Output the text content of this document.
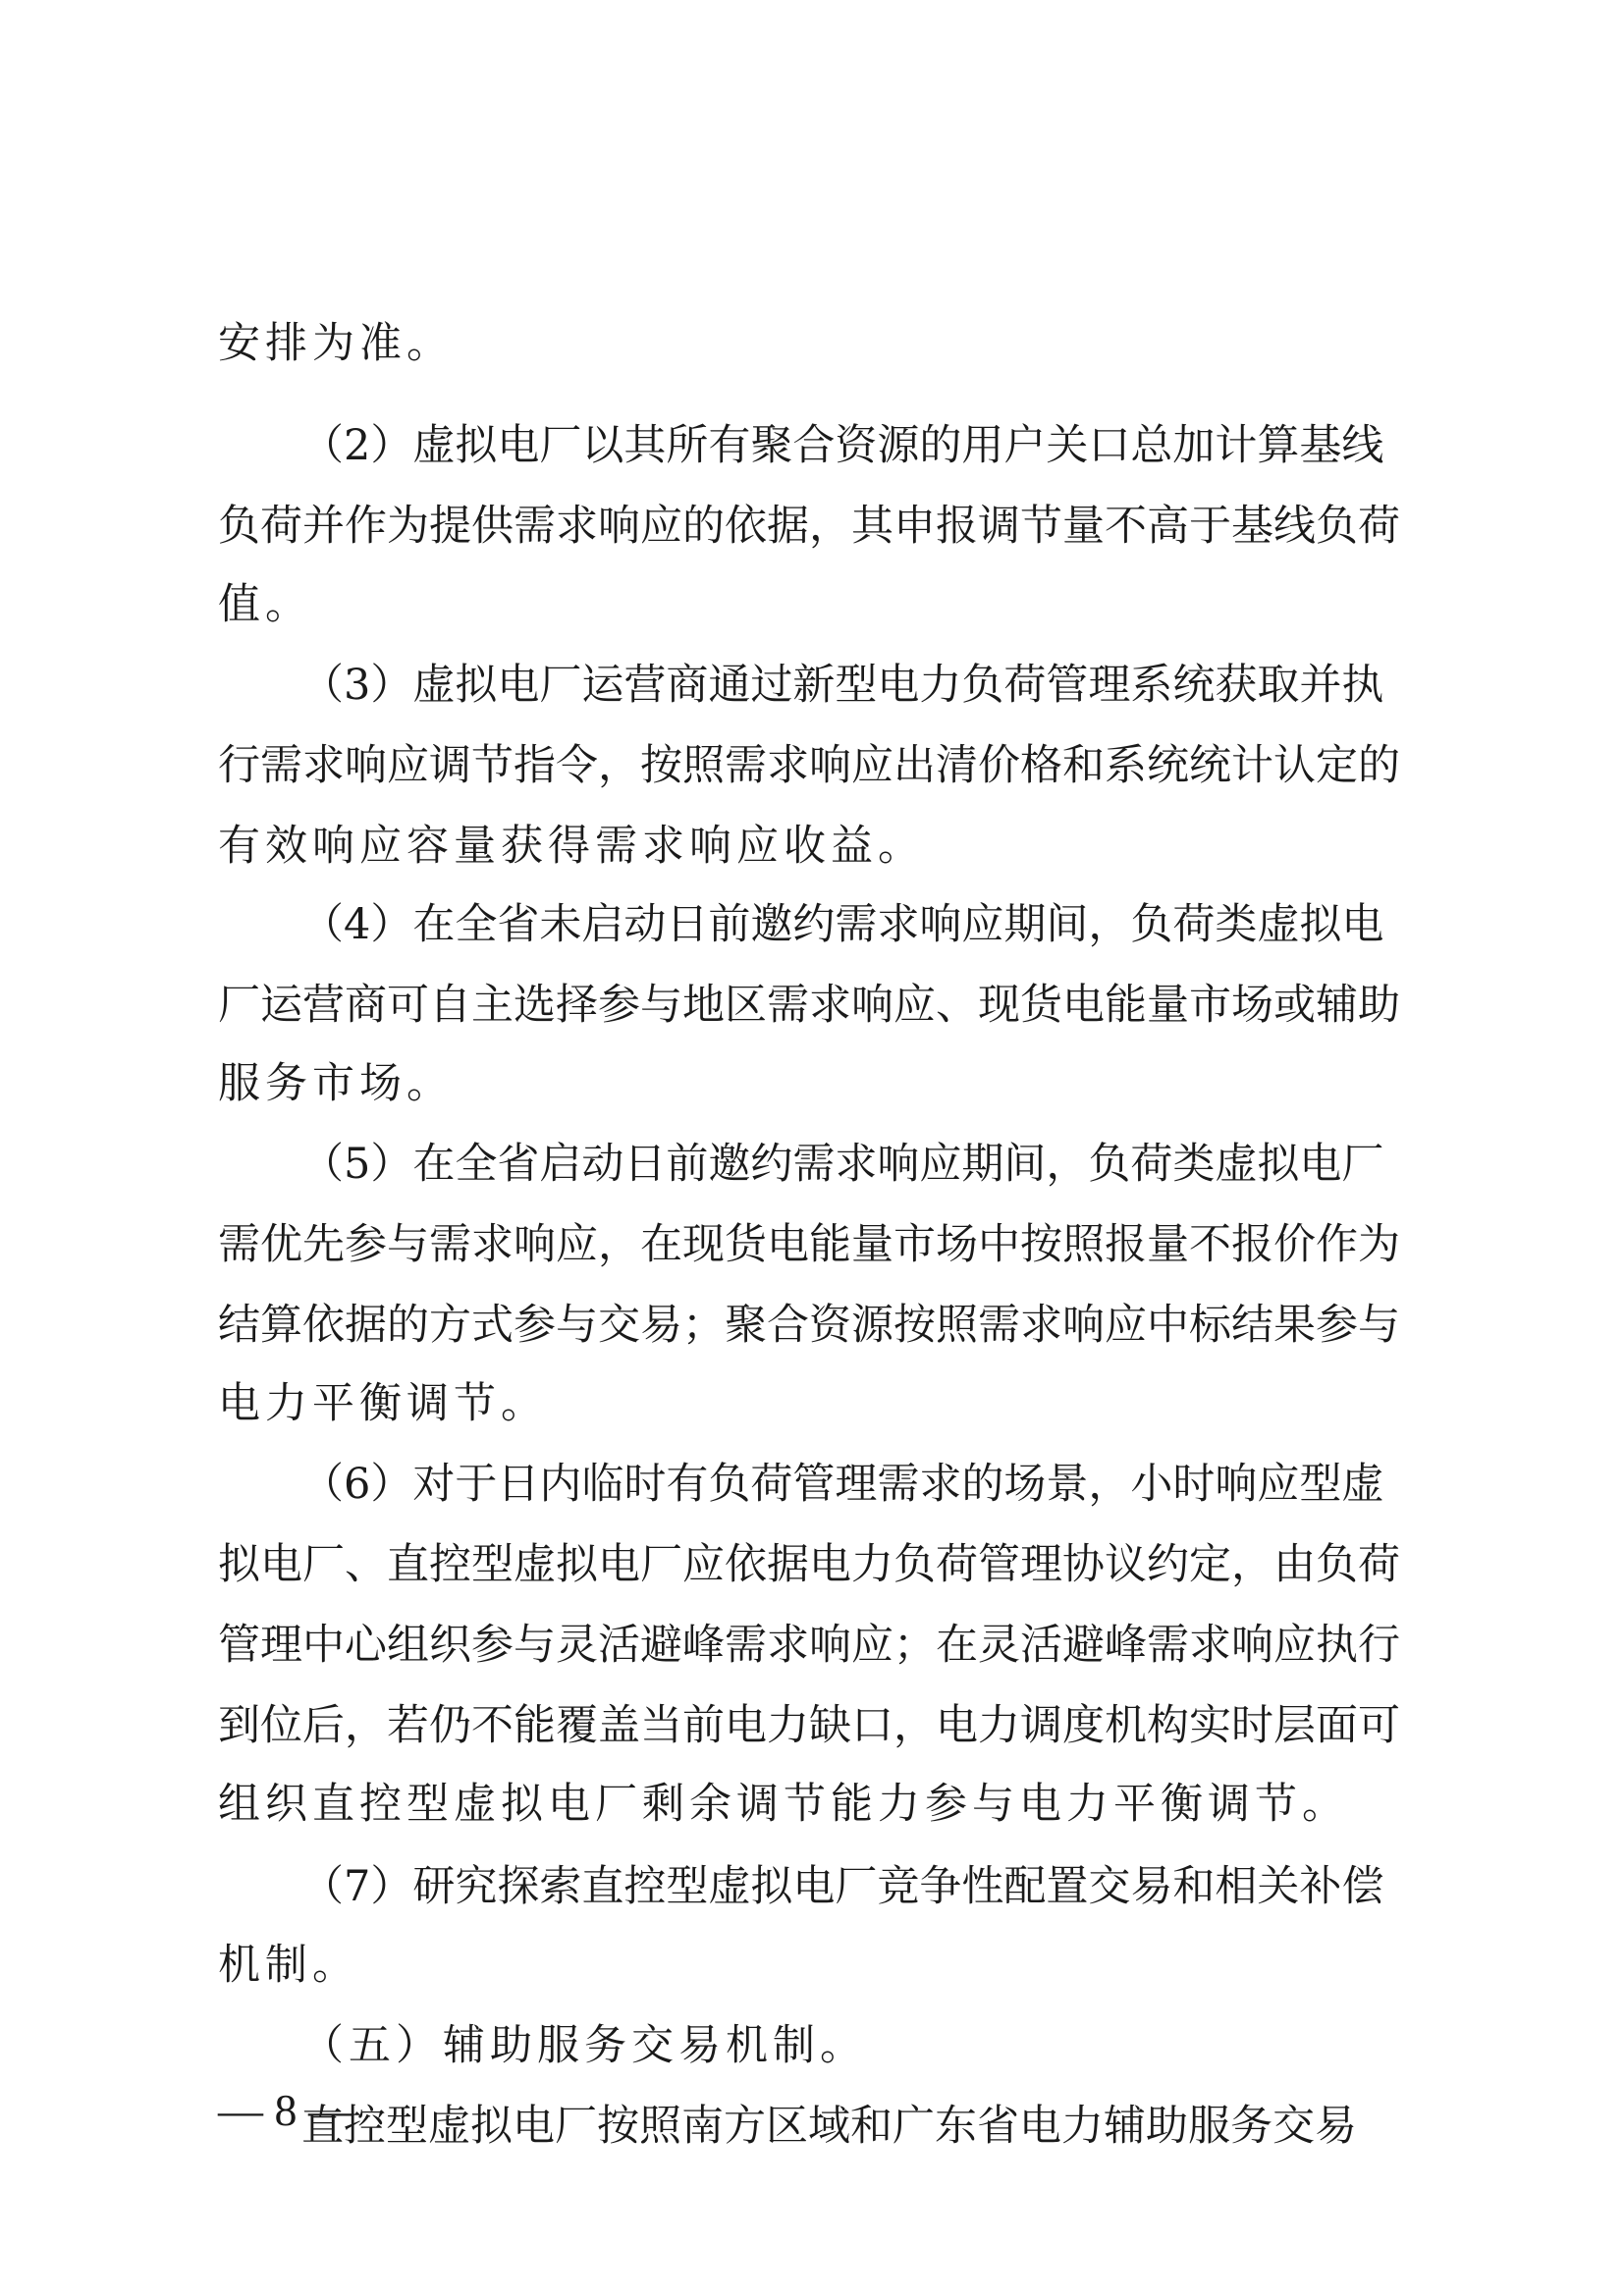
安排为准。
（2）虚拟电厂以其所有聚合资源的用户关口总加计算基线
负荷并作为提供需求响应的依据，其申报调节量不高于基线负荷
值。
（3）虚拟电厂运营商通过新型电力负荷管理系统获取并执
行需求响应调节指令，按照需求响应出清价格和系统统计认定的
有效响应容量获得需求响应收益。
（4）在全省未启动日前邀约需求响应期间，负荷类虚拟电
厂运营商可自主选择参与地区需求响应、现货电能量市场或辅助
服务市场。
（5）在全省启动日前邀约需求响应期间，负荷类虚拟电厂
需优先参与需求响应，在现货电能量市场中按照报量不报价作为
结算依据的方式参与交易；聚合资源按照需求响应中标结果参与
电力平衡调节。
（6）对于日内临时有负荷管理需求的场景，小时响应型虚
拟电厂、直控型虚拟电厂应依据电力负荷管理协议约定，由负荷
管理中心组织参与灵活避峰需求响应；在灵活避峰需求响应执行
到位后，若仍不能覆盖当前电力缺口，电力调度机构实时层面可
组织直控型虚拟电厂剩余调节能力参与电力平衡调节。
（7）研究探索直控型虚拟电厂竞争性配置交易和相关补偿
机制。
（五）辅助服务交易机制。
直控型虚拟电厂按照南方区域和广东省电力辅助服务交易
— 8 —
